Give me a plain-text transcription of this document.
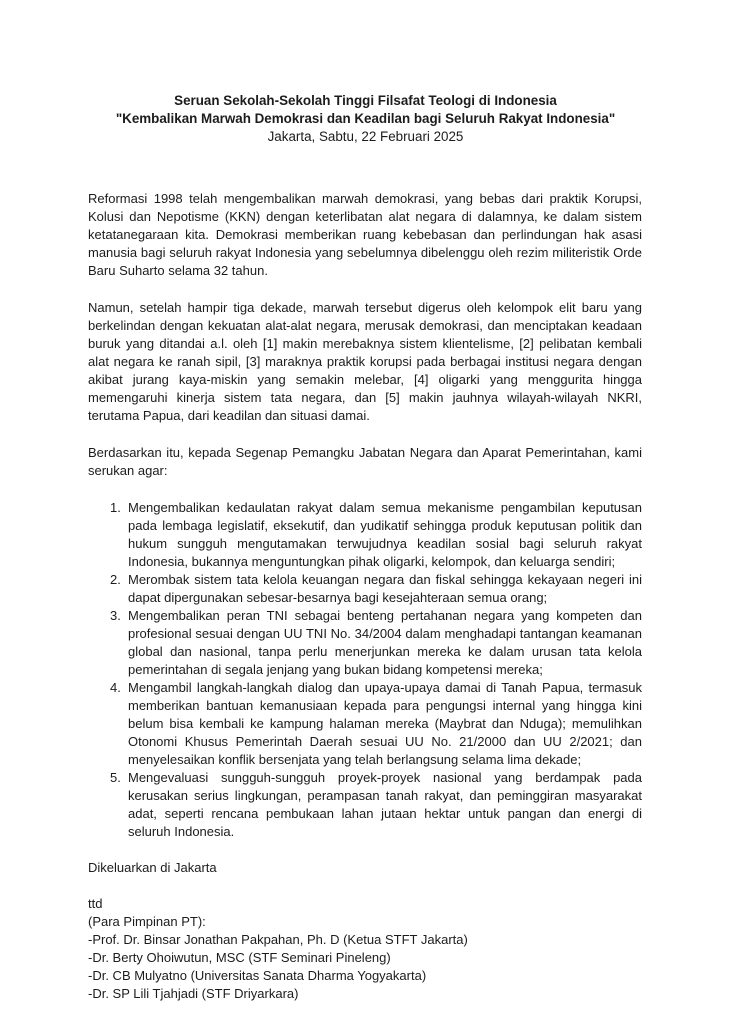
Seruan Sekolah-Sekolah Tinggi Filsafat Teologi di Indonesia

"Kembalikan Marwah Demokrasi dan Keadilan bagi Seluruh Rakyat Indonesia"

Jakarta, Sabtu, 22 Februari 2025

Reformasi 1998 telah mengembalikan marwah demokrasi, yang bebas dari praktik Korupsi, Kolusi dan Nepotisme (KKN) dengan keterlibatan alat negara di dalamnya, ke dalam sistem ketatanegaraan kita. Demokrasi memberikan ruang kebebasan dan perlindungan hak asasi manusia bagi seluruh rakyat Indonesia yang sebelumnya dibelenggu oleh rezim militeristik Orde Baru Suharto selama 32 tahun.

Namun, setelah hampir tiga dekade, marwah tersebut digerus oleh kelompok elit baru yang berkelindan dengan kekuatan alat-alat negara, merusak demokrasi, dan menciptakan keadaan buruk yang ditandai a.l. oleh [1] makin merebaknya sistem klientelisme, [2] pelibatan kembali alat negara ke ranah sipil, [3] maraknya praktik korupsi pada berbagai institusi negara dengan akibat jurang kaya-miskin yang semakin melebar, [4] oligarki yang menggurita hingga memengaruhi kinerja sistem tata negara, dan [5] makin jauhnya wilayah-wilayah NKRI, terutama Papua, dari keadilan dan situasi damai.

Berdasarkan itu, kepada Segenap Pemangku Jabatan Negara dan Aparat Pemerintahan, kami serukan agar:

1. Mengembalikan kedaulatan rakyat dalam semua mekanisme pengambilan keputusan pada lembaga legislatif, eksekutif, dan yudikatif sehingga produk keputusan politik dan hukum sungguh mengutamakan terwujudnya keadilan sosial bagi seluruh rakyat Indonesia, bukannya menguntungkan pihak oligarki, kelompok, dan keluarga sendiri;
2. Merombak sistem tata kelola keuangan negara dan fiskal sehingga kekayaan negeri ini dapat dipergunakan sebesar-besarnya bagi kesejahteraan semua orang;
3. Mengembalikan peran TNI sebagai benteng pertahanan negara yang kompeten dan profesional sesuai dengan UU TNI No. 34/2004 dalam menghadapi tantangan keamanan global dan nasional, tanpa perlu menerjunkan mereka ke dalam urusan tata kelola pemerintahan di segala jenjang yang bukan bidang kompetensi mereka;
4. Mengambil langkah-langkah dialog dan upaya-upaya damai di Tanah Papua, termasuk memberikan bantuan kemanusiaan kepada para pengungsi internal yang hingga kini belum bisa kembali ke kampung halaman mereka (Maybrat dan Nduga); memulihkan Otonomi Khusus Pemerintah Daerah sesuai UU No. 21/2000 dan UU 2/2021; dan menyelesaikan konflik bersenjata yang telah berlangsung selama lima dekade;
5. Mengevaluasi sungguh-sungguh proyek-proyek nasional yang berdampak pada kerusakan serius lingkungan, perampasan tanah rakyat, dan peminggiran masyarakat adat, seperti rencana pembukaan lahan jutaan hektar untuk pangan dan energi di seluruh Indonesia.

Dikeluarkan di Jakarta

ttd

(Para Pimpinan PT):

-Prof. Dr. Binsar Jonathan Pakpahan, Ph. D (Ketua STFT Jakarta)
-Dr. Berty Ohoiwutun, MSC (STF Seminari Pineleng)
-Dr. CB Mulyatno (Universitas Sanata Dharma Yogyakarta)
-Dr. SP Lili Tjahjadi (STF Driyarkara)
